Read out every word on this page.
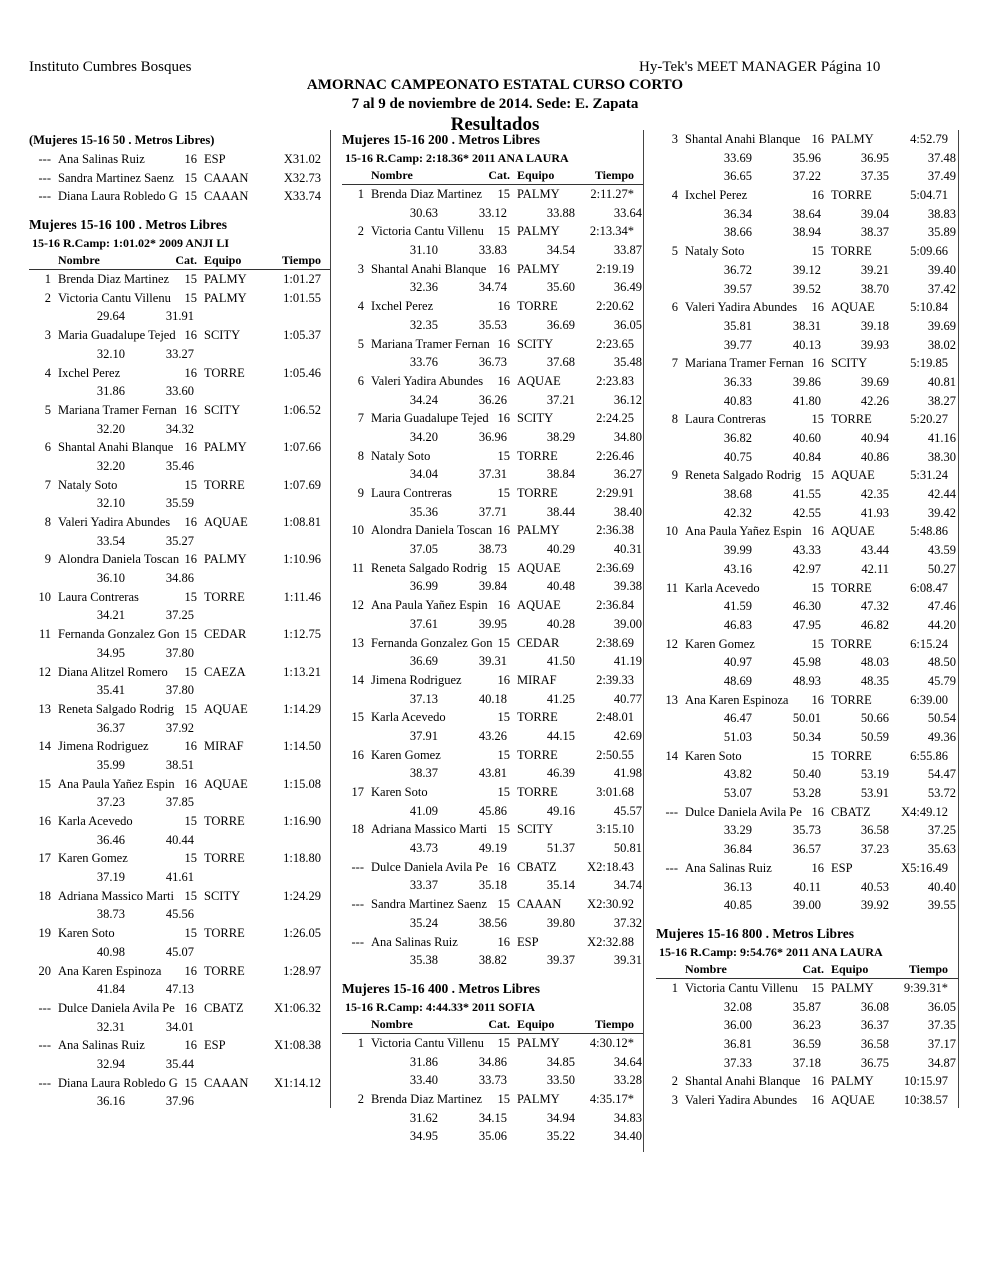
Instituto Cumbres Bosques	Hy-Tek's MEET MANAGER Página 10
AMORNAC CAMPEONATO ESTATAL CURSO CORTO
7 al 9 de noviembre de 2014. Sede: E. Zapata
Resultados
(Mujeres 15-16 50 . Metros Libres)
--- Ana Salinas Ruiz	16 ESP	X31.02
--- Sandra Martinez Saenz 15 CAAAN	X32.73
--- Diana Laura Robledo G 15 CAAAN	X33.74
Mujeres 15-16 100 . Metros Libres
15-16 R.Camp: 1:01.02* 2009 ANJI LI
Nombre	Cat. Equipo	Tiempo
1 Brenda Diaz Martinez	15 PALMY	1:01.27
2 Victoria Cantu Villenu	15 PALMY	1:01.55
29.64	31.91
3 Maria Guadalupe Tejed 16 SCITY	1:05.37
32.10	33.27
4 Ixchel Perez	16 TORRE	1:05.46
31.86	33.60
5 Mariana Tramer Fernan 16 SCITY	1:06.52
32.20	34.32
6 Shantal Anahi Blanque 16 PALMY	1:07.66
32.20	35.46
7 Nataly Soto	15 TORRE	1:07.69
32.10	35.59
8 Valeri Yadira Abundes	16 AQUAE	1:08.81
33.54	35.27
9 Alondra Daniela Toscan 16 PALMY	1:10.96
36.10	34.86
10 Laura Contreras	15 TORRE	1:11.46
34.21	37.25
11 Fernanda Gonzalez Gon 15 CEDAR	1:12.75
34.95	37.80
12 Diana Alitzel Romero	15 CAEZA	1:13.21
35.41	37.80
13 Reneta Salgado Rodrig 15 AQUAE	1:14.29
36.37	37.92
14 Jimena Rodriguez	16 MIRAF	1:14.50
35.99	38.51
15 Ana Paula Yañez Espin 16 AQUAE	1:15.08
37.23	37.85
16 Karla Acevedo	15 TORRE	1:16.90
36.46	40.44
17 Karen Gomez	15 TORRE	1:18.80
37.19	41.61
18 Adriana Massico Marti 15 SCITY	1:24.29
38.73	45.56
19 Karen Soto	15 TORRE	1:26.05
40.98	45.07
20 Ana Karen Espinoza	16 TORRE	1:28.97
41.84	47.13
--- Dulce Daniela Avila Pe 16 CBATZ	X1:06.32
32.31	34.01
--- Ana Salinas Ruiz	16 ESP	X1:08.38
32.94	35.44
--- Diana Laura Robledo G 15 CAAAN	X1:14.12
36.16	37.96
Mujeres 15-16 200 . Metros Libres
15-16 R.Camp: 2:18.36* 2011 ANA LAURA
Nombre	Cat. Equipo	Tiempo
1 Brenda Diaz Martinez	15 PALMY	2:11.27*
30.63	33.12	33.88	33.64
2 Victoria Cantu Villenu	15 PALMY	2:13.34*
31.10	33.83	34.54	33.87
3 Shantal Anahi Blanque 16 PALMY	2:19.19
32.36	34.74	35.60	36.49
4 Ixchel Perez	16 TORRE	2:20.62
32.35	35.53	36.69	36.05
5 Mariana Tramer Fernan 16 SCITY	2:23.65
33.76	36.73	37.68	35.48
6 Valeri Yadira Abundes	16 AQUAE	2:23.83
34.24	36.26	37.21	36.12
7 Maria Guadalupe Tejed 16 SCITY	2:24.25
34.20	36.96	38.29	34.80
8 Nataly Soto	15 TORRE	2:26.46
34.04	37.31	38.84	36.27
9 Laura Contreras	15 TORRE	2:29.91
35.36	37.71	38.44	38.40
10 Alondra Daniela Toscan 16 PALMY	2:36.38
37.05	38.73	40.29	40.31
11 Reneta Salgado Rodrig 15 AQUAE	2:36.69
36.99	39.84	40.48	39.38
12 Ana Paula Yañez Espin 16 AQUAE	2:36.84
37.61	39.95	40.28	39.00
13 Fernanda Gonzalez Gon 15 CEDAR	2:38.69
36.69	39.31	41.50	41.19
14 Jimena Rodriguez	16 MIRAF	2:39.33
37.13	40.18	41.25	40.77
15 Karla Acevedo	15 TORRE	2:48.01
37.91	43.26	44.15	42.69
16 Karen Gomez	15 TORRE	2:50.55
38.37	43.81	46.39	41.98
17 Karen Soto	15 TORRE	3:01.68
41.09	45.86	49.16	45.57
18 Adriana Massico Marti 15 SCITY	3:15.10
43.73	49.19	51.37	50.81
--- Dulce Daniela Avila Pe 16 CBATZ	X2:18.43
33.37	35.18	35.14	34.74
--- Sandra Martinez Saenz 15 CAAAN	X2:30.92
35.24	38.56	39.80	37.32
--- Ana Salinas Ruiz	16 ESP	X2:32.88
35.38	38.82	39.37	39.31
Mujeres 15-16 400 . Metros Libres
15-16 R.Camp: 4:44.33* 2011 SOFIA
Nombre	Cat. Equipo	Tiempo
1 Victoria Cantu Villenu	15 PALMY	4:30.12*
31.86	34.86	34.85	34.64
33.40	33.73	33.50	33.28
2 Brenda Diaz Martinez	15 PALMY	4:35.17*
31.62	34.15	34.94	34.83
34.95	35.06	35.22	34.40
3 Shantal Anahi Blanque 16 PALMY	4:52.79
33.69	35.96	36.95	37.48
36.65	37.22	37.35	37.49
4 Ixchel Perez	16 TORRE	5:04.71
36.34	38.64	39.04	38.83
38.66	38.94	38.37	35.89
5 Nataly Soto	15 TORRE	5:09.66
36.72	39.12	39.21	39.40
39.57	39.52	38.70	37.42
6 Valeri Yadira Abundes	16 AQUAE	5:10.84
35.81	38.31	39.18	39.69
39.77	40.13	39.93	38.02
7 Mariana Tramer Fernan 16 SCITY	5:19.85
36.33	39.86	39.69	40.81
40.83	41.80	42.26	38.27
8 Laura Contreras	15 TORRE	5:20.27
36.82	40.60	40.94	41.16
40.75	40.84	40.86	38.30
9 Reneta Salgado Rodrig 15 AQUAE	5:31.24
38.68	41.55	42.35	42.44
42.32	42.55	41.93	39.42
10 Ana Paula Yañez Espin 16 AQUAE	5:48.86
39.99	43.33	43.44	43.59
43.16	42.97	42.11	50.27
11 Karla Acevedo	15 TORRE	6:08.47
41.59	46.30	47.32	47.46
46.83	47.95	46.82	44.20
12 Karen Gomez	15 TORRE	6:15.24
40.97	45.98	48.03	48.50
48.69	48.93	48.35	45.79
13 Ana Karen Espinoza	16 TORRE	6:39.00
46.47	50.01	50.66	50.54
51.03	50.34	50.59	49.36
14 Karen Soto	15 TORRE	6:55.86
43.82	50.40	53.19	54.47
53.07	53.28	53.91	53.72
--- Dulce Daniela Avila Pe 16 CBATZ	X4:49.12
33.29	35.73	36.58	37.25
36.84	36.57	37.23	35.63
--- Ana Salinas Ruiz	16 ESP	X5:16.49
36.13	40.11	40.53	40.40
40.85	39.00	39.92	39.55
Mujeres 15-16 800 . Metros Libres
15-16 R.Camp: 9:54.76* 2011 ANA LAURA
Nombre	Cat. Equipo	Tiempo
1 Victoria Cantu Villenu	15 PALMY	9:39.31*
32.08	35.87	36.08	36.05
36.00	36.23	36.37	37.35
36.81	36.59	36.58	37.17
37.33	37.18	36.75	34.87
2 Shantal Anahi Blanque 16 PALMY	10:15.97
3 Valeri Yadira Abundes	16 AQUAE	10:38.57
